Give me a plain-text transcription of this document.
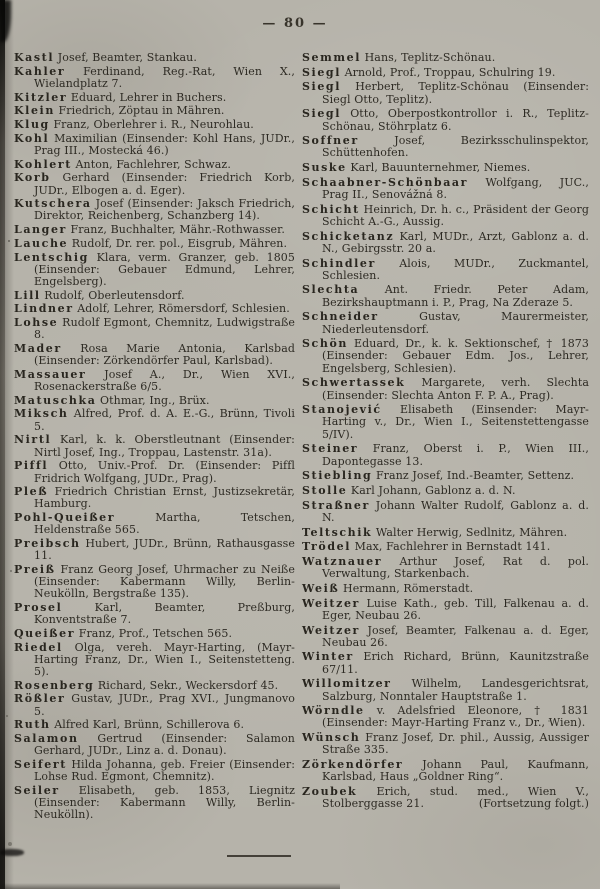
— 80 —

Kastl Josef, Beamter, Stankau.

Kahler Ferdinand, Reg.-Rat, Wien X., Wielandplatz 7.

Kitzler Eduard, Lehrer in Buchers.

Klein Friedrich, Zöptau in Mähren.

Klug Franz, Oberlehrer i. R., Neurohlau.

Kohl Maximilian (Einsender: Kohl Hans, JUDr., Prag III., Mostecká 46.)

Kohlert Anton, Fachlehrer, Schwaz.

Korb Gerhard (Einsender: Friedrich Korb, JUDr., Elbogen a. d. Eger).

Kutschera Josef (Einsender: Jaksch Friedrich, Direktor, Reichenberg, Schanzberg 14).

Langer Franz, Buchhalter, Mähr.-Rothwasser.

Lauche Rudolf, Dr. rer. pol., Eisgrub, Mähren.

Lentschig Klara, verm. Granzer, geb. 1805 (Einsender: Gebauer Edmund, Lehrer, Engelsberg).

Lill Rudolf, Oberleutensdorf.

Lindner Adolf, Lehrer, Römersdorf, Schlesien.

Lohse Rudolf Egmont, Chemnitz, Ludwigstraße 8.

Mader Rosa Marie Antonia, Karlsbad (Einsender: Zörkendörfer Paul, Karlsbad).

Massauer Josef A., Dr., Wien XVI., Rosenackerstraße 6/5.

Matuschka Othmar, Ing., Brüx.

Miksch Alfred, Prof. d. A. E.-G., Brünn, Tivoli 5.

Nirtl Karl, k. k. Oberstleutnant (Einsender: Nirtl Josef, Ing., Troppau, Lastenstr. 31a).

Piffl Otto, Univ.-Prof. Dr. (Einsender: Piffl Fridrich Wolfgang, JUDr., Prag).

Pleß Friedrich Christian Ernst, Justizsekretär, Hamburg.

Pohl-Queißer Martha, Tetschen, Heldenstraße 565.

Preibsch Hubert, JUDr., Brünn, Rathausgasse 11.

Preiß Franz Georg Josef, Uhrmacher zu Neiße (Einsender: Kabermann Willy, Berlin-Neukölln, Bergstraße 135).

Prosel Karl, Beamter, Preßburg, Konventstraße 7.

Queißer Franz, Prof., Tetschen 565.

Riedel Olga, vereh. Mayr-Harting, (Mayr-Harting Franz, Dr., Wien I., Seitenstetteng. 5).

Rosenberg Richard, Sekr., Weckersdorf 45.

Rößler Gustav, JUDr., Prag XVI., Jungmanovo 5.

Ruth Alfred Karl, Brünn, Schillerova 6.

Salamon Gertrud (Einsender: Salamon Gerhard, JUDr., Linz a. d. Donau).

Seifert Hilda Johanna, geb. Freier (Einsender: Lohse Rud. Egmont, Chemnitz).

Seiler Elisabeth, geb. 1853, Liegnitz (Einsender: Kabermann Willy, Berlin-Neukölln).

Semmel Hans, Teplitz-Schönau.

Siegl Arnold, Prof., Troppau, Schulring 19.

Siegl Herbert, Teplitz-Schönau (Einsender: Siegl Otto, Teplitz).

Siegl Otto, Oberpostkontrollor i. R., Teplitz-Schönau, Stöhrplatz 6.

Soffner Josef, Bezirksschulinspektor, Schüttenhofen.

Suske Karl, Bauunternehmer, Niemes.

Schaabner-Schönbaar Wolfgang, JUC., Prag II., Senovážná 8.

Schicht Heinrich, Dr. h. c., Präsident der Georg Schicht A.-G., Aussig.

Schicketanz Karl, MUDr., Arzt, Gablonz a. d. N., Gebirgsstr. 20 a.

Schindler Alois, MUDr., Zuckmantel, Schlesien.

Slechta Ant. Friedr. Peter Adam, Bezirkshauptmann i. P., Prag, Na Zderaze 5.

Schneider Gustav, Maurermeister, Niederleutensdorf.

Schön Eduard, Dr., k. k. Sektionschef, † 1873 (Einsender: Gebauer Edm. Jos., Lehrer, Engelsberg, Schlesien).

Schwertassek Margarete, verh. Slechta (Einsender: Slechta Anton F. P. A., Prag).

Stanojević Elisabeth (Einsender: Mayr-Harting v., Dr., Wien I., Seitenstettengasse 5/IV).

Steiner Franz, Oberst i. P., Wien III., Dapontegasse 13.

Stiebling Franz Josef, Ind.-Beamter, Settenz.

Stolle Karl Johann, Gablonz a. d. N.

Straßner Johann Walter Rudolf, Gablonz a. d. N.

Teltschik Walter Herwig, Sedlnitz, Mähren.

Trödel Max, Fachlehrer in Bernstadt 141.

Watznauer Arthur Josef, Rat d. pol. Verwaltung, Starkenbach.

Weiß Hermann, Römerstadt.

Weitzer Luise Kath., geb. Till, Falkenau a. d. Eger, Neubau 26.

Weitzer Josef, Beamter, Falkenau a. d. Eger, Neubau 26.

Winter Erich Richard, Brünn, Kaunitzstraße 67/11.

Willomitzer Wilhelm, Landesgerichtsrat, Salzburg, Nonntaler Hauptstraße 1.

Wörndle v. Adelsfried Eleonore, † 1831 (Einsender: Mayr-Harting Franz v., Dr., Wien).

Wünsch Franz Josef, Dr. phil., Aussig, Aussiger Straße 335.

Zörkendörfer Johann Paul, Kaufmann, Karlsbad, Haus „Goldner Ring“.

Zoubek Erich, stud. med., Wien V., Stolberggasse 21.	(Fortsetzung folgt.)
